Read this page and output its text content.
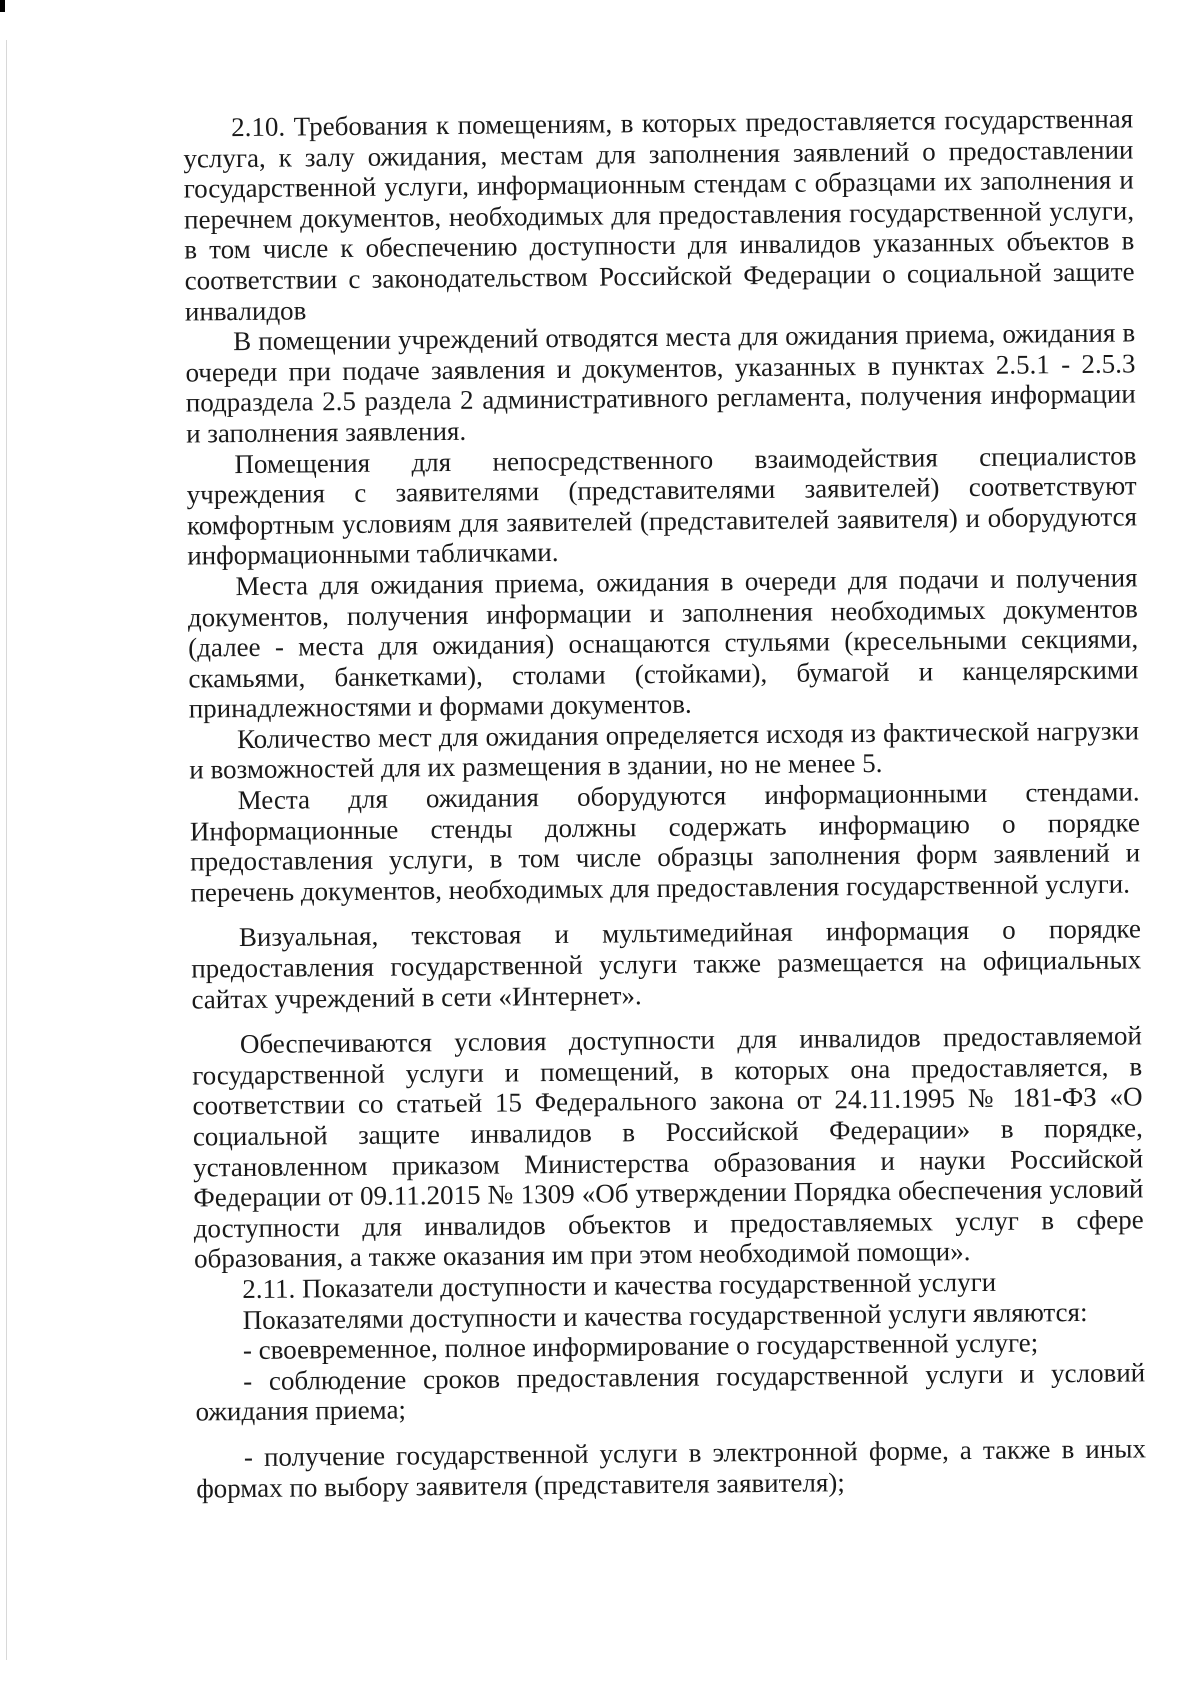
2.10. Требования к помещениям, в которых предоставляется государственная услуга, к залу ожидания, местам для заполнения заявлений о предоставлении государственной услуги, информационным стендам с образцами их заполнения и перечнем документов, необходимых для предоставления государственной услуги, в том числе к обеспечению доступности для инвалидов указанных объектов в соответствии с законодательством Российской Федерации о социальной защите инвалидов

В помещении учреждений отводятся места для ожидания приема, ожидания в очереди при подаче заявления и документов, указанных в пунктах 2.5.1 - 2.5.3 подраздела 2.5 раздела 2 административного регламента, получения информации и заполнения заявления.

Помещения для непосредственного взаимодействия специалистов учреждения с заявителями (представителями заявителей) соответствуют комфортным условиям для заявителей (представителей заявителя) и оборудуются информационными табличками.

Места для ожидания приема, ожидания в очереди для подачи и получения документов, получения информации и заполнения необходимых документов (далее - места для ожидания) оснащаются стульями (кресельными секциями, скамьями, банкетками), столами (стойками), бумагой и канцелярскими принадлежностями и формами документов.

Количество мест для ожидания определяется исходя из фактической нагрузки и возможностей для их размещения в здании, но не менее 5.

Места для ожидания оборудуются информационными стендами. Информационные стенды должны содержать информацию о порядке предоставления услуги, в том числе образцы заполнения форм заявлений и перечень документов, необходимых для предоставления государственной услуги.

Визуальная, текстовая и мультимедийная информация о порядке предоставления государственной услуги также размещается на официальных сайтах учреждений в сети «Интернет».

Обеспечиваются условия доступности для инвалидов предоставляемой государственной услуги и помещений, в которых она предоставляется, в соответствии со статьей 15 Федерального закона от 24.11.1995 № 181-ФЗ «О социальной защите инвалидов в Российской Федерации» в порядке, установленном приказом Министерства образования и науки Российской Федерации от 09.11.2015 № 1309 «Об утверждении Порядка обеспечения условий доступности для инвалидов объектов и предоставляемых услуг в сфере образования, а также оказания им при этом необходимой помощи».

2.11. Показатели доступности и качества государственной услуги

Показателями доступности и качества государственной услуги являются:

- своевременное, полное информирование о государственной услуге;

- соблюдение сроков предоставления государственной услуги и условий ожидания приема;

- получение государственной услуги в электронной форме, а также в иных формах по выбору заявителя (представителя заявителя);
